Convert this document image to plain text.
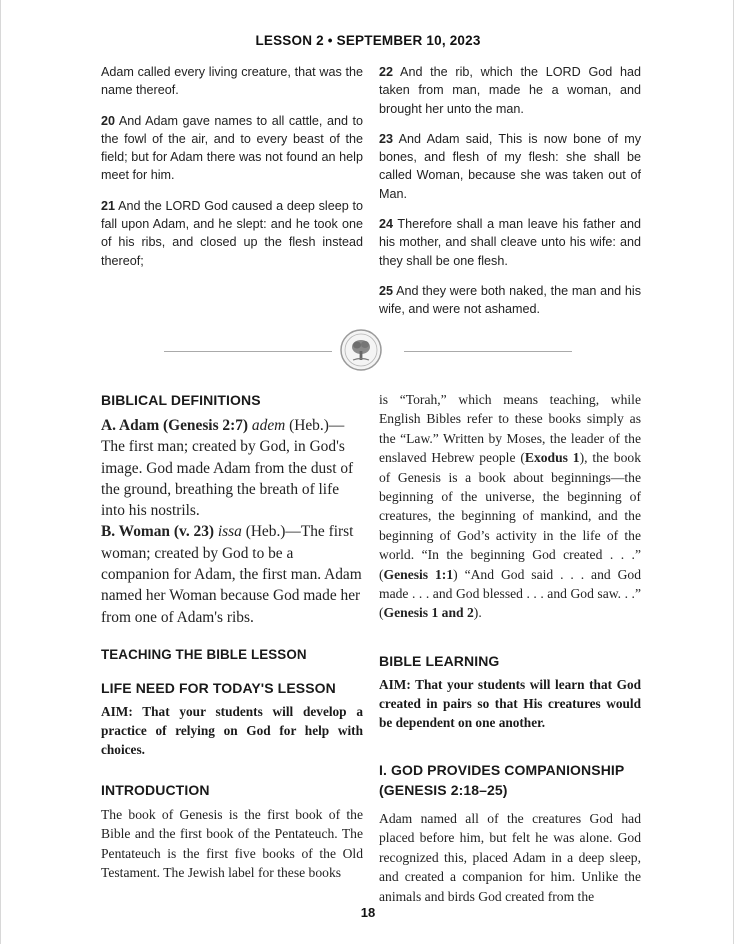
LESSON 2 • SEPTEMBER 10, 2023

Adam called every living creature, that was the name thereof.

20 And Adam gave names to all cattle, and to the fowl of the air, and to every beast of the field; but for Adam there was not found an help meet for him.

21 And the LORD God caused a deep sleep to fall upon Adam, and he slept: and he took one of his ribs, and closed up the flesh instead thereof;

22 And the rib, which the LORD God had taken from man, made he a woman, and brought her unto the man.

23 And Adam said, This is now bone of my bones, and flesh of my flesh: she shall be called Woman, because she was taken out of Man.

24 Therefore shall a man leave his father and his mother, and shall cleave unto his wife: and they shall be one flesh.

25 And they were both naked, the man and his wife, and were not ashamed.

BIBLICAL DEFINITIONS

A. Adam (Genesis 2:7) adem (Heb.)—The first man; created by God, in God's image. God made Adam from the dust of the ground, breathing the breath of life into his nostrils.

B. Woman (v. 23) issa (Heb.)—The first woman; created by God to be a companion for Adam, the first man. Adam named her Woman because God made her from one of Adam's ribs.

TEACHING THE BIBLE LESSON
LIFE NEED FOR TODAY'S LESSON

AIM: That your students will develop a practice of relying on God for help with choices.

INTRODUCTION

The book of Genesis is the first book of the Bible and the first book of the Pentateuch. The Pentateuch is the first five books of the Old Testament. The Jewish label for these books

is “Torah,” which means teaching, while English Bibles refer to these books simply as the “Law.” Written by Moses, the leader of the enslaved Hebrew people (Exodus 1), the book of Genesis is a book about beginnings—the beginning of the universe, the beginning of creatures, the beginning of mankind, and the beginning of God’s activity in the life of the world. “In the beginning God created . . .” (Genesis 1:1) “And God said . . . and God made . . . and God blessed . . . and God saw. . .” (Genesis 1 and 2).

BIBLE LEARNING

AIM: That your students will learn that God created in pairs so that His creatures would be dependent on one another.

I. GOD PROVIDES COMPANIONSHIP
(GENESIS 2:18–25)

Adam named all of the creatures God had placed before him, but felt he was alone. God recognized this, placed Adam in a deep sleep, and created a companion for him. Unlike the animals and birds God created from the

18
